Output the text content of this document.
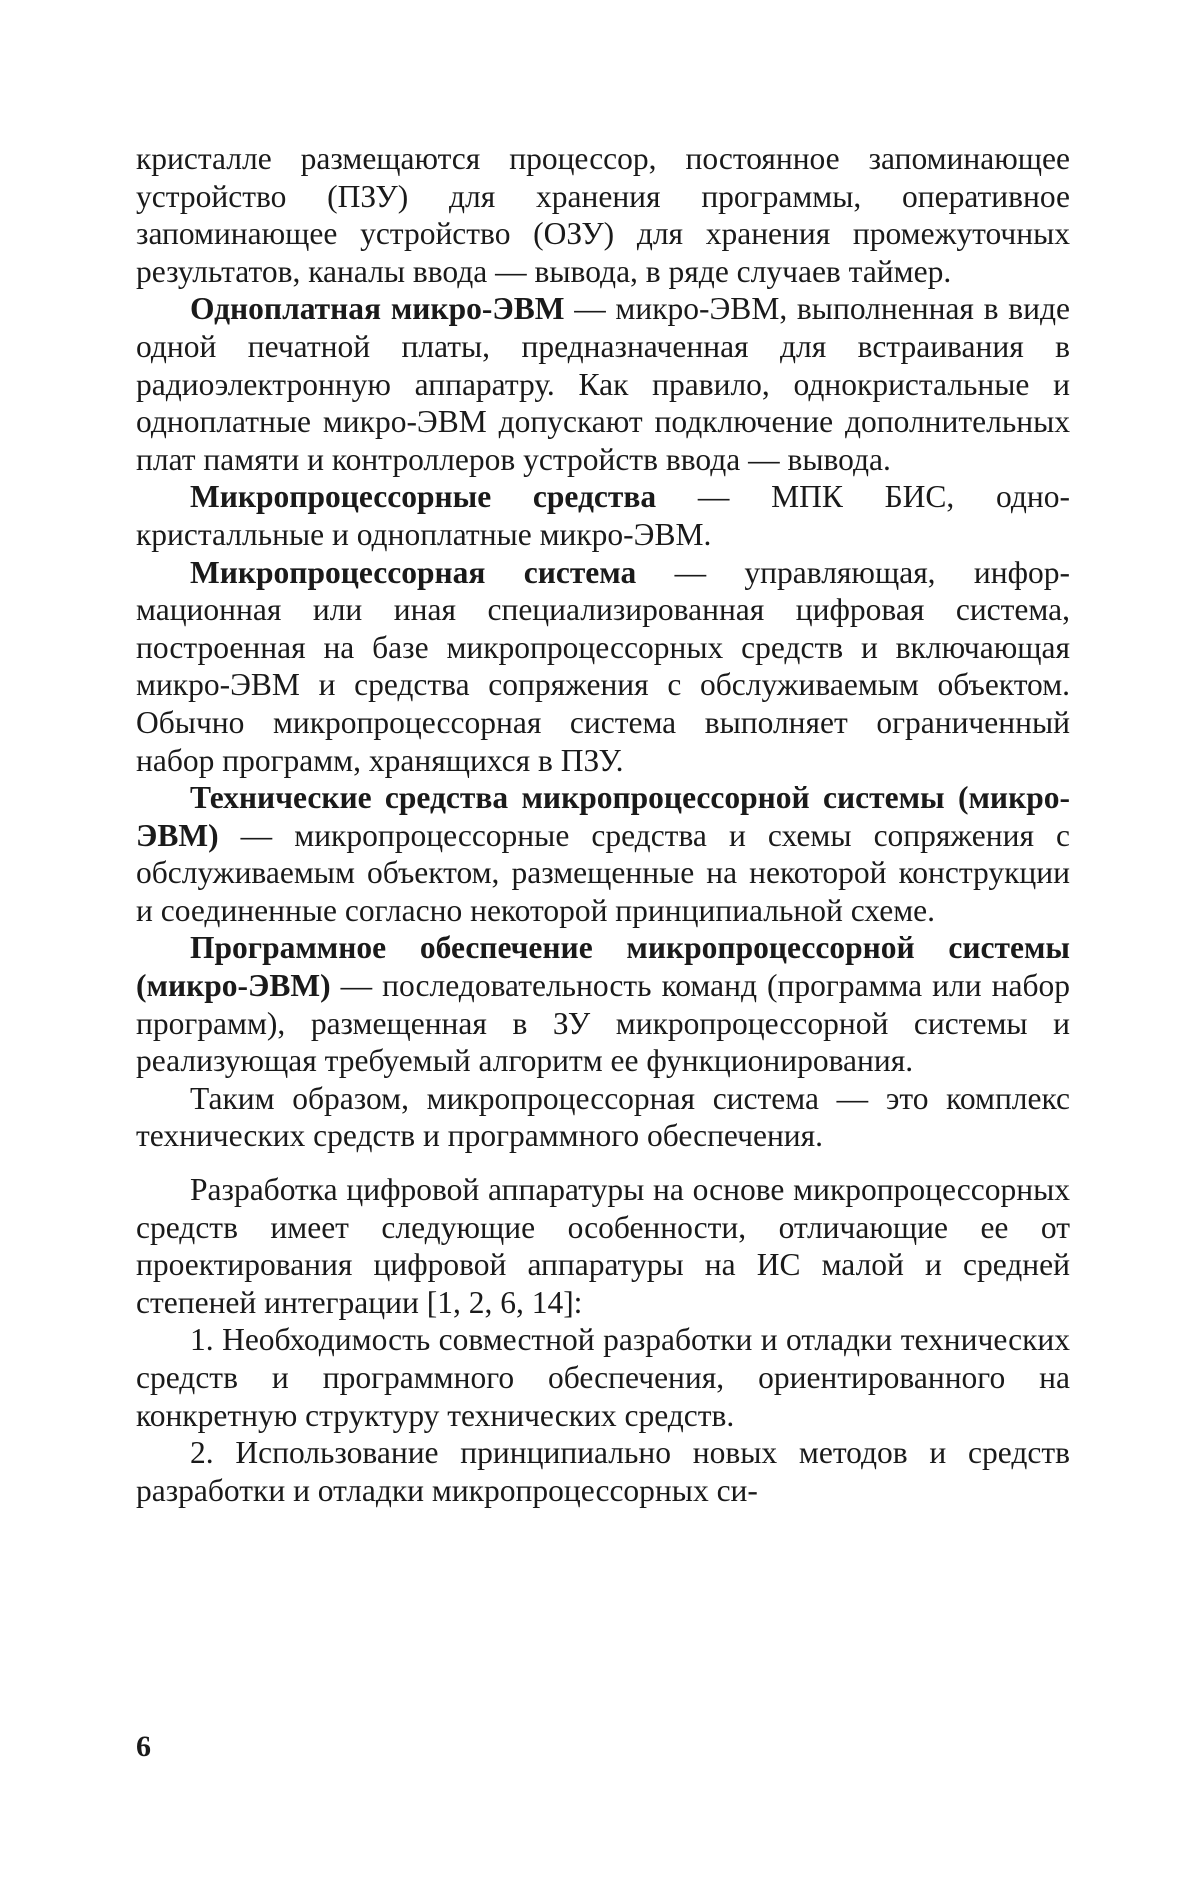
кристалле размещаются процессор, постоянное запоминающее устройство (ПЗУ) для хранения программы, оперативное запоминающее устройство (ОЗУ) для хранения промежуточных результатов, каналы ввода — вывода, в ряде случаев таймер.

Одноплатная микро-ЭВМ — микро-ЭВМ, выполненная в виде одной печатной платы, предназначенная для встраивания в радиоэлектронную аппаратру. Как правило, однокристальные и одноплатные микро-ЭВМ допускают подключение дополнительных плат памяти и контроллеров устройств ввода — вывода.

Микропроцессорные средства — МПК БИС, однокристалльные и одноплатные микро-ЭВМ.

Микропроцессорная система — управляющая, информационная или иная специализированная цифровая система, построенная на базе микропроцессорных средств и включающая микро-ЭВМ и средства сопряжения с обслуживаемым объектом. Обычно микропроцессорная система выполняет ограниченный набор программ, хранящихся в ПЗУ.

Технические средства микропроцессорной системы (микро-ЭВМ) — микропроцессорные средства и схемы сопряжения с обслуживаемым объектом, размещенные на некоторой конструкции и соединенные согласно некоторой принципиальной схеме.

Программное обеспечение микропроцессорной системы (микро-ЭВМ) — последовательность команд (программа или набор программ), размещенная в ЗУ микропроцессорной системы и реализующая требуемый алгоритм ее функционирования.

Таким образом, микропроцессорная система — это комплекс технических средств и программного обеспечения.

Разработка цифровой аппаратуры на основе микропроцессорных средств имеет следующие особенности, отличающие ее от проектирования цифровой аппаратуры на ИС малой и средней степеней интеграции [1, 2, 6, 14]:

1. Необходимость совместной разработки и отладки технических средств и программного обеспечения, ориентированного на конкретную структуру технических средств.

2. Использование принципиально новых методов и средств разработки и отладки микропроцессорных си-

6
